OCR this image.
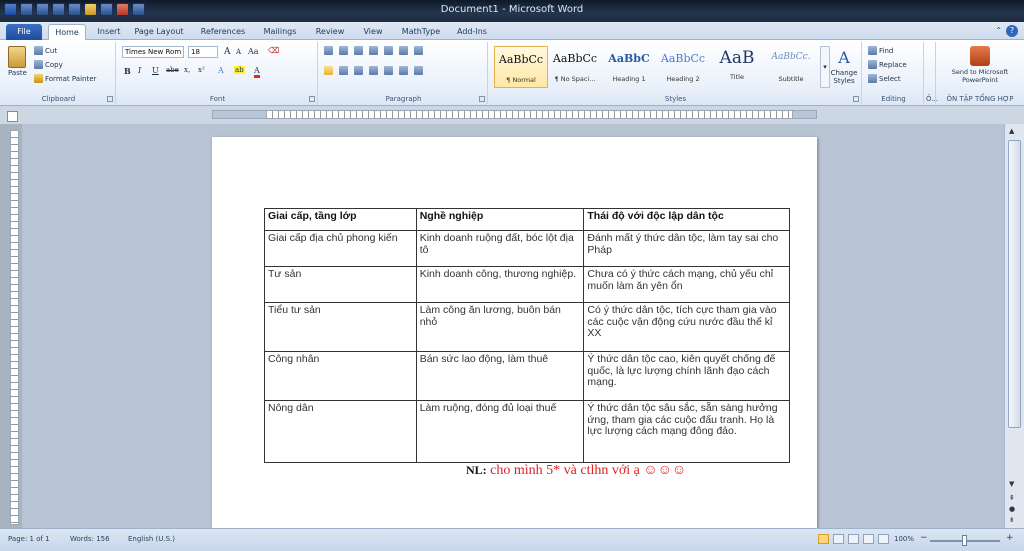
Document1 - Microsoft Word
File	Home	Insert	Page Layout	References	Mailings	Review	View	MathType	Add-Ins	⌃ ?
Paste
Cut
Copy
Format Painter
Clipboard
Times New Rom	18	A A Aa ⌫
B I U abe x, x² A ab A
Font	Paragraph
AaBbCc
¶ Normal
AaBbCc
¶ No Spaci...
AaBbC
Heading 1
AaBbCc
Heading 2
AaB
Title
AaBbCc.
Subtitle
▾ A
Change Styles
Styles
Find
Replace
Select
Editing	Ô...
Send to Microsoft PowerPoint
ÔN TẬP TỔNG HỢP
Giai cấp, tầng lớp	Nghề nghiệp	Thái độ với độc lập dân tộc
Giai cấp địa chủ phong kiến	Kinh doanh ruộng đất, bóc lột địa tô	Đánh mất ý thức dân tộc, làm tay sai cho Pháp
Tư sản	Kinh doanh công, thương nghiệp.	Chưa có ý thức cách mạng, chủ yếu chỉ muốn làm ăn yên ổn
Tiểu tư sản	Làm công ăn lương, buôn bán nhỏ	Có ý thức dân tộc, tích cực tham gia vào các cuộc vận động cứu nước đầu thế kỉ XX
Công nhân	Bán sức lao động, làm thuê	Ý thức dân tộc cao, kiên quyết chống đế quốc, là lực lượng chính lãnh đạo cách mạng.
Nông dân	Làm ruộng, đóng đủ loại thuế	Ý thức dân tộc sâu sắc, sẵn sàng hưởng ứng, tham gia các cuộc đấu tranh. Họ là lực lượng cách mạng đông đảo.
NL: cho mình 5* và ctlhn với ạ ☺☺☺
▲
▼
⇞
●
⇟
Page: 1 of 1	Words: 156	English (U.S.)	100% −	+
